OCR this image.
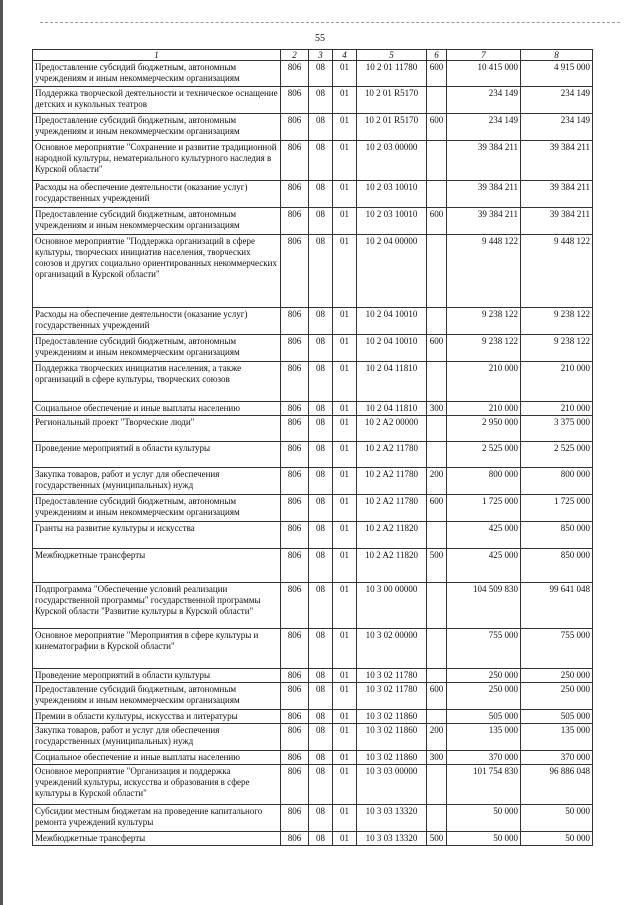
55
1	2	3	4	5	6	7	8
Предоставление субсидий бюджетным, автономным учреждениям и иным некоммерческим организациям	806	08	01	10 2 01 11780	600	10 415 000	4 915 000
Поддержка творческой деятельности и техническое оснащение детских и кукольных театров	806	08	01	10 2 01 R5170		234 149	234 149
Предоставление субсидий бюджетным, автономным учреждениям и иным некоммерческим организациям	806	08	01	10 2 01 R5170	600	234 149	234 149
Основное мероприятие "Сохранение и развитие традиционной народной культуры, нематериального культурного наследия в Курской области"	806	08	01	10 2 03 00000		39 384 211	39 384 211
Расходы на обеспечение деятельности (оказание услуг) государственных учреждений	806	08	01	10 2 03 10010		39 384 211	39 384 211
Предоставление субсидий бюджетным, автономным учреждениям и иным некоммерческим организациям	806	08	01	10 2 03 10010	600	39 384 211	39 384 211
Основное мероприятие "Поддержка организаций в сфере культуры, творческих инициатив населения, творческих союзов и других социально ориентированных некоммерческих организаций в Курской области"	806	08	01	10 2 04 00000		9 448 122	9 448 122
Расходы на обеспечение деятельности (оказание услуг) государственных учреждений	806	08	01	10 2 04 10010		9 238 122	9 238 122
Предоставление субсидий бюджетным, автономным учреждениям и иным некоммерческим организациям	806	08	01	10 2 04 10010	600	9 238 122	9 238 122
Поддержка творческих инициатив населения, а также организаций в сфере культуры, творческих союзов	806	08	01	10 2 04 11810		210 000	210 000
Социальное обеспечение и иные выплаты населению	806	08	01	10 2 04 11810	300	210 000	210 000
Региональный проект "Творческие люди"	806	08	01	10 2 A2 00000		2 950 000	3 375 000
Проведение мероприятий в области культуры	806	08	01	10 2 A2 11780		2 525 000	2 525 000
Закупка товаров, работ и услуг для обеспечения государственных (муниципальных) нужд	806	08	01	10 2 A2 11780	200	800 000	800 000
Предоставление субсидий бюджетным, автономным учреждениям и иным некоммерческим организациям	806	08	01	10 2 A2 11780	600	1 725 000	1 725 000
Гранты на развитие культуры и искусства	806	08	01	10 2 A2 11820		425 000	850 000
Межбюджетные трансферты	806	08	01	10 2 A2 11820	500	425 000	850 000
Подпрограмма "Обеспечение условий реализации государственной программы" государственной программы Курской области "Развитие культуры в Курской области"	806	08	01	10 3 00 00000		104 509 830	99 641 048
Основное мероприятие "Мероприятия в сфере культуры и кинематографии в Курской области"	806	08	01	10 3 02 00000		755 000	755 000
Проведение мероприятий в области культуры	806	08	01	10 3 02 11780		250 000	250 000
Предоставление субсидий бюджетным, автономным учреждениям и иным некоммерческим организациям	806	08	01	10 3 02 11780	600	250 000	250 000
Премии в области культуры, искусства и литературы	806	08	01	10 3 02 11860		505 000	505 000
Закупка товаров, работ и услуг для обеспечения государственных (муниципальных) нужд	806	08	01	10 3 02 11860	200	135 000	135 000
Социальное обеспечение и иные выплаты населению	806	08	01	10 3 02 11860	300	370 000	370 000
Основное мероприятие "Организация и поддержка учреждений культуры, искусства и образования в сфере культуры в Курской области"	806	08	01	10 3 03 00000		101 754 830	96 886 048
Субсидии местным бюджетам на проведение капитального ремонта учреждений культуры	806	08	01	10 3 03 13320		50 000	50 000
Межбюджетные трансферты	806	08	01	10 3 03 13320	500	50 000	50 000
